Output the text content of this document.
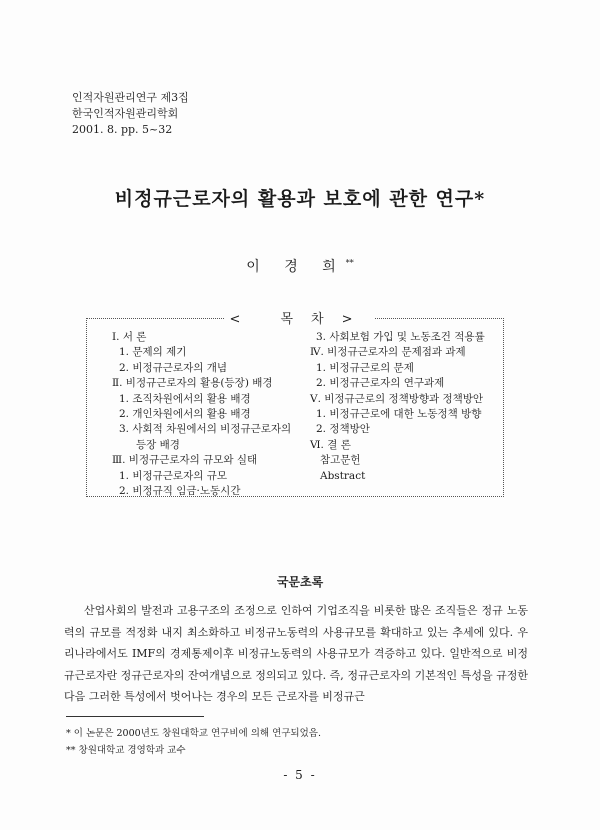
인적자원관리연구 제3집
한국인적자원관리학회
2001. 8. pp. 5~32
비정규근로자의 활용과 보호에 관한 연구*
이 경 희**
< 목차>
Ⅰ. 서 론
1. 문제의 제기
2. 비정규근로자의 개념
Ⅱ. 비정규근로자의 활용(등장) 배경
1. 조직차원에서의 활용 배경
2. 개인차원에서의 활용 배경
3. 사회적 차원에서의 비정규근로자의
등장 배경
Ⅲ. 비정규근로자의 규모와 실태
1. 비정규근로자의 규모
2. 비정규직 임금·노동시간
3. 사회보험 가입 및 노동조건 적용률
Ⅳ. 비정규근로자의 문제점과 과제
1. 비정규근로의 문제
2. 비정규근로자의 연구과제
Ⅴ. 비정규근로의 정책방향과 정책방안
1. 비정규근로에 대한 노동정책 방향
2. 정책방안
Ⅵ. 결 론
참고문헌
Abstract
국문초록

산업사회의 발전과 고용구조의 조정으로 인하여 기업조직을 비롯한 많은 조직들은 정규 노동력의 규모를 적정화 내지 최소화하고 비정규노동력의 사용규모를 확대하고 있는 추세에 있다. 우리나라에서도 IMF의 경제통제이후 비정규노동력의 사용규모가 격증하고 있다. 일반적으로 비정규근로자란 정규근로자의 잔여개념으로 정의되고 있다. 즉, 정규근로자의 기본적인 특성을 규정한 다음 그러한 특성에서 벗어나는 경우의 모든 근로자를 비정규근

* 이 논문은 2000년도 창원대학교 연구비에 의해 연구되었음.
** 창원대학교 경영학과 교수
- 5 -
